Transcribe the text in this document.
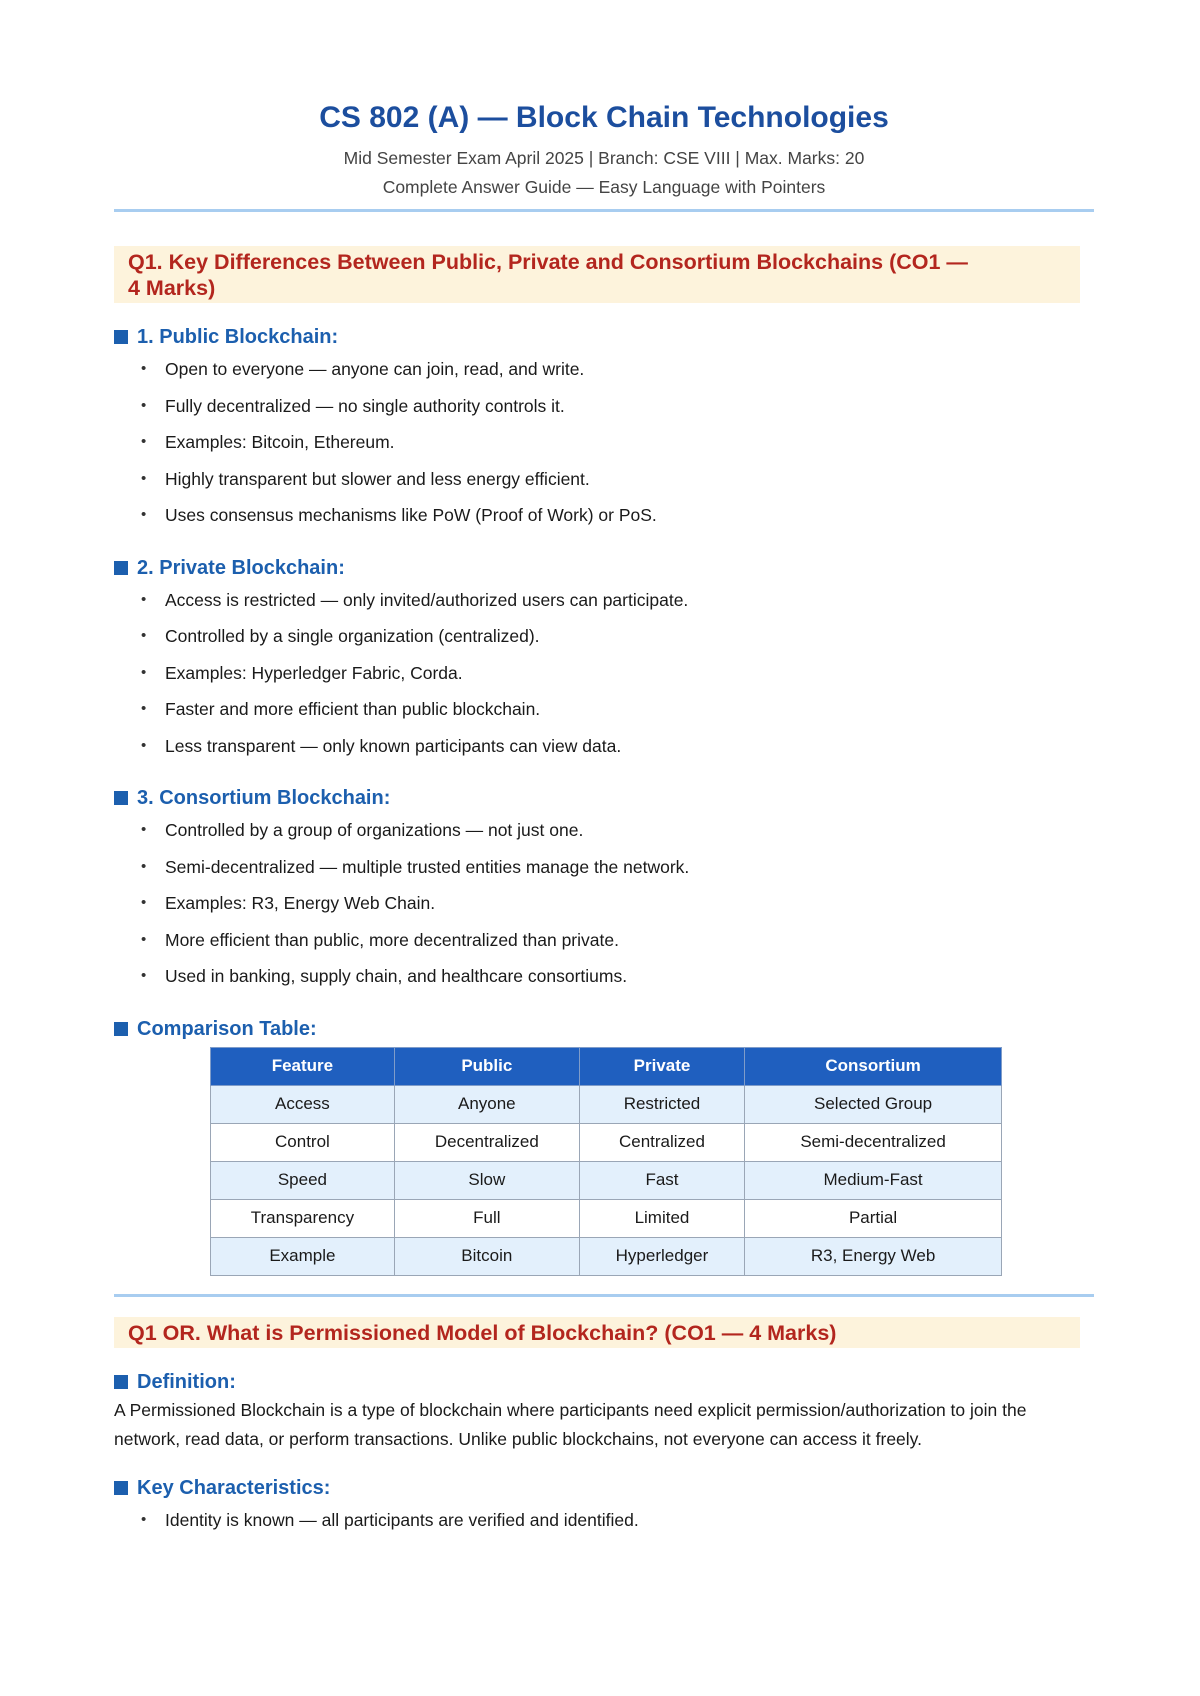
CS 802 (A) — Block Chain Technologies

Mid Semester Exam April 2025 | Branch: CSE VIII | Max. Marks: 20

Complete Answer Guide — Easy Language with Pointers

Q1. Key Differences Between Public, Private and Consortium Blockchains (CO1 —
4 Marks)
1. Public Blockchain:
• Open to everyone — anyone can join, read, and write.
• Fully decentralized — no single authority controls it.
• Examples: Bitcoin, Ethereum.
• Highly transparent but slower and less energy efficient.
• Uses consensus mechanisms like PoW (Proof of Work) or PoS.
2. Private Blockchain:
• Access is restricted — only invited/authorized users can participate.
• Controlled by a single organization (centralized).
• Examples: Hyperledger Fabric, Corda.
• Faster and more efficient than public blockchain.
• Less transparent — only known participants can view data.
3. Consortium Blockchain:
• Controlled by a group of organizations — not just one.
• Semi-decentralized — multiple trusted entities manage the network.
• Examples: R3, Energy Web Chain.
• More efficient than public, more decentralized than private.
• Used in banking, supply chain, and healthcare consortiums.
Comparison Table:
Feature	Public	Private	Consortium
Access	Anyone	Restricted	Selected Group
Control	Decentralized	Centralized	Semi-decentralized
Speed	Slow	Fast	Medium-Fast
Transparency	Full	Limited	Partial
Example	Bitcoin	Hyperledger	R3, Energy Web
Q1 OR. What is Permissioned Model of Blockchain? (CO1 — 4 Marks)
Definition:

A Permissioned Blockchain is a type of blockchain where participants need explicit permission/authorization to join the network, read data, or perform transactions. Unlike public blockchains, not everyone can access it freely.

Key Characteristics:
• Identity is known — all participants are verified and identified.
